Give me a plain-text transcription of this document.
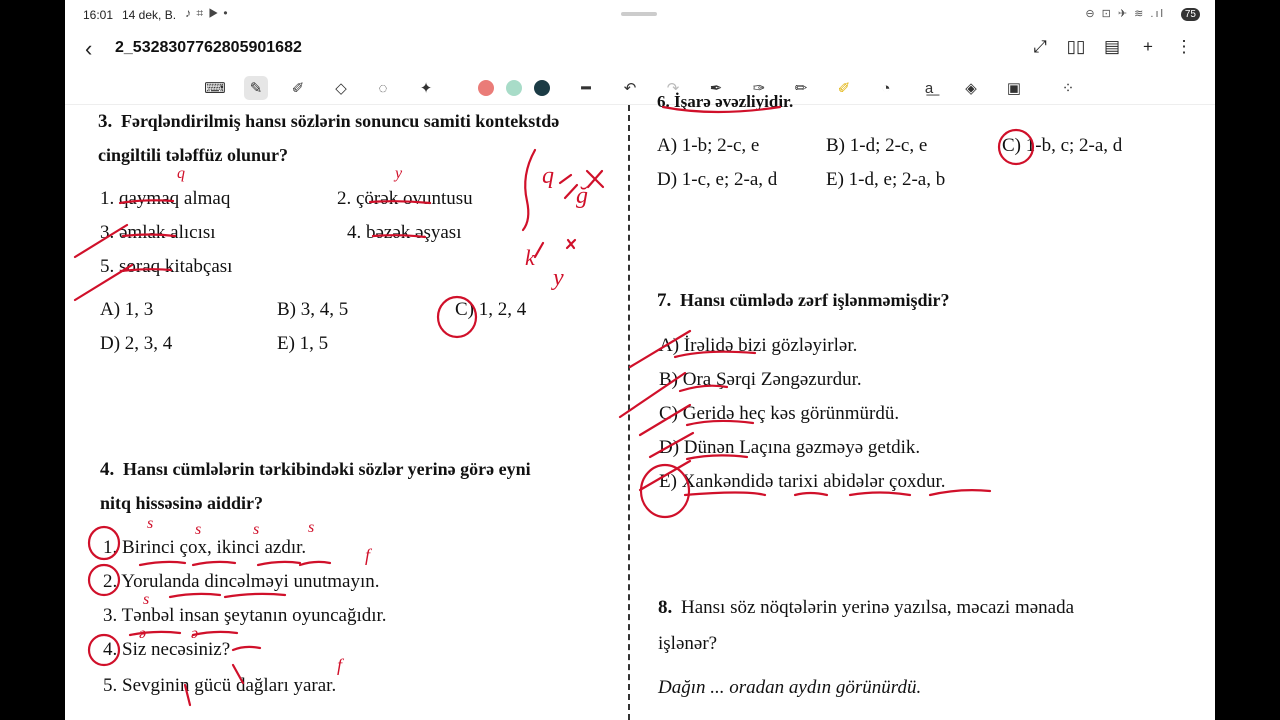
16:01 14 dek, B. ♪ ⌗ ▶ •	⊖ ⊡ ✈ ≋ .ıl	75
‹ 2_5328307762805901682	⤢ ▯▯ ▤	+	⋮
⌨	✎	✐	◇	◌	✦	━	↶	↷	✒	✑	✏	✐	◔	a͟	◈	▣	⁘
3. Fərqləndirilmiş hansı sözlərin sonuncu samiti kontekstdə
cingiltili tələffüz olunur?
1. qaymaq almaq	2. çörək ovuntusu
3. əmlak alıcısı	4. bəzək əşyası
5. soraq kitabçası
A) 1, 3	B) 3, 4, 5	C) 1, 2, 4
D) 2, 3, 4	E) 1, 5
4. Hansı cümlələrin tərkibindəki sözlər yerinə görə eyni
nitq hissəsinə aiddir?
1. Birinci çox, ikinci azdır.
2. Yorulanda dincəlməyi unutmayın.
3. Tənbəl insan şeytanın oyuncağıdır.
4. Siz necəsiniz?
5. Sevginin gücü dağları yarar.
6. İşarə əvəzliyidir.
A) 1-b; 2-c, e	B) 1-d; 2-c, e	C) 1-b, c; 2-a, d
D) 1-c, e; 2-a, d	E) 1-d, e; 2-a, b
7. Hansı cümlədə zərf işlənməmişdir?
A) İrəlidə bizi gözləyirlər.
B) Ora Şərqi Zəngəzurdur.
C) Geridə heç kəs görünmürdü.
D) Dünən Laçına gəzməyə getdik.
E) Xankəndidə tarixi abidələr çoxdur.
8. Hansı söz nöqtələrin yerinə yazılsa, məcazi mənada
işlənər?
Dağın ... oradan aydın görünürdü.
q	y	q
ğ
k
y
s	s	s	s
f
s
ə	ə
f
